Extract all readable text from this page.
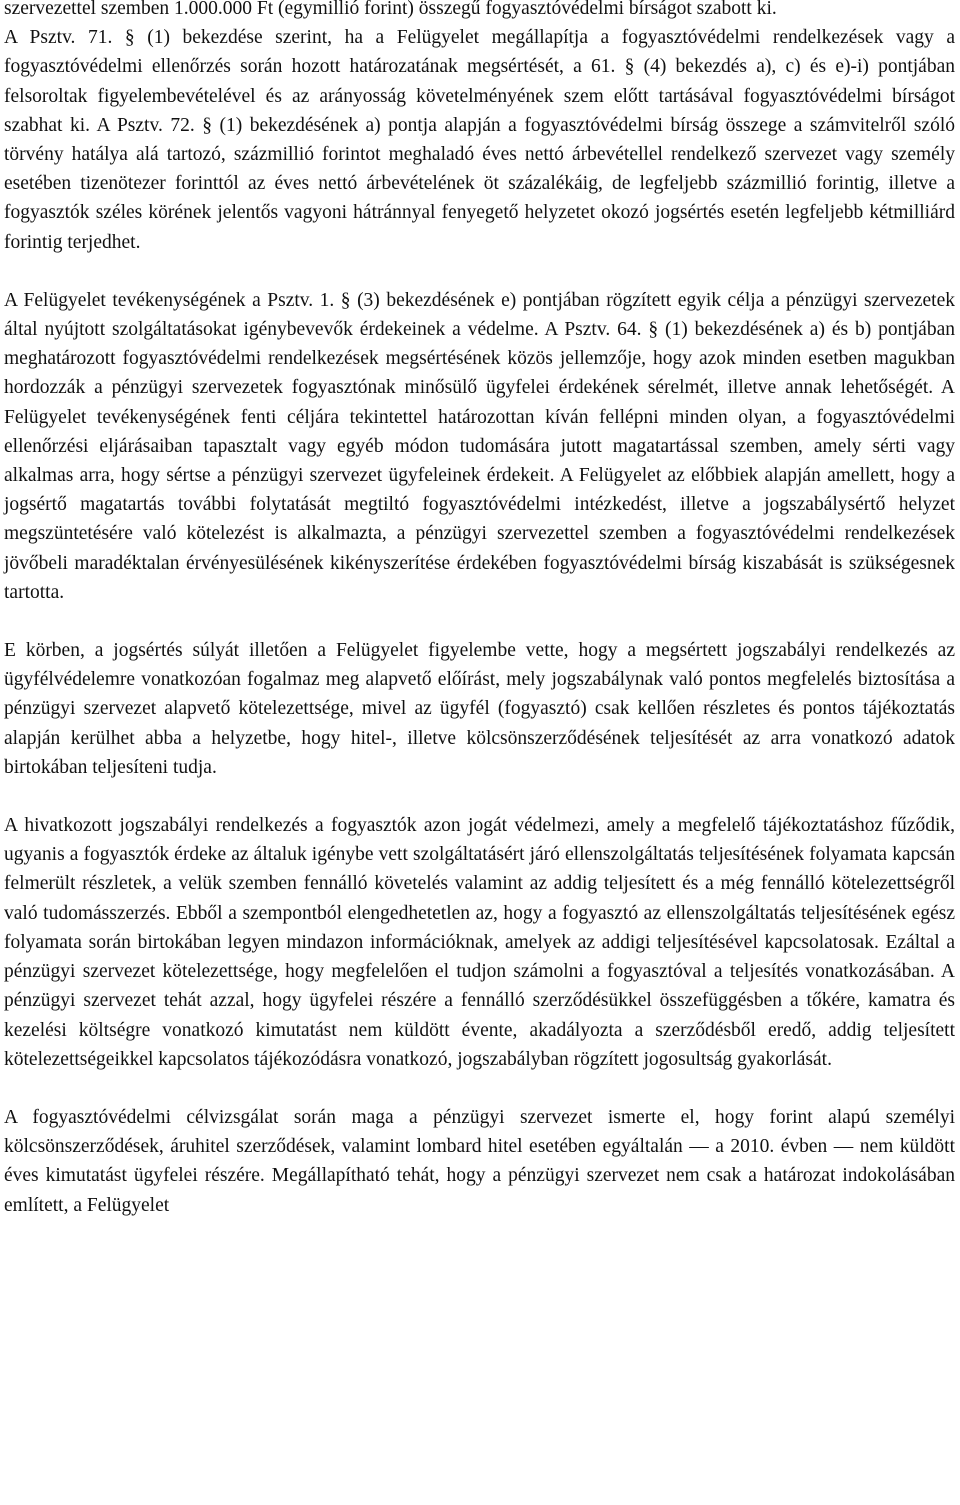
szervezettel szemben 1.000.000 Ft (egymillió forint) összegű fogyasztóvédelmi bírságot szabott ki.

A Psztv. 71. § (1) bekezdése szerint, ha a Felügyelet megállapítja a fogyasztóvédelmi rendelkezések vagy a fogyasztóvédelmi ellenőrzés során hozott határozatának megsértését, a 61. § (4) bekezdés a), c) és e)-i) pontjában felsoroltak figyelembevételével és az arányosság követelményének szem előtt tartásával fogyasztóvédelmi bírságot szabhat ki. A Psztv. 72. § (1) bekezdésének a) pontja alapján a fogyasztóvédelmi bírság összege a számvitelről szóló törvény hatálya alá tartozó, százmillió forintot meghaladó éves nettó árbevétellel rendelkező szervezet vagy személy esetében tizenötezer forinttól az éves nettó árbevételének öt százalékáig, de legfeljebb százmillió forintig, illetve a fogyasztók széles körének jelentős vagyoni hátránnyal fenyegető helyzetet okozó jogsértés esetén legfeljebb kétmilliárd forintig terjedhet.

A Felügyelet tevékenységének a Psztv. 1. § (3) bekezdésének e) pontjában rögzített egyik célja a pénzügyi szervezetek által nyújtott szolgáltatásokat igénybevevők érdekeinek a védelme. A Psztv. 64. § (1) bekezdésének a) és b) pontjában meghatározott fogyasztóvédelmi rendelkezések megsértésének közös jellemzője, hogy azok minden esetben magukban hordozzák a pénzügyi szervezetek fogyasztónak minősülő ügyfelei érdekének sérelmét, illetve annak lehetőségét. A Felügyelet tevékenységének fenti céljára tekintettel határozottan kíván fellépni minden olyan, a fogyasztóvédelmi ellenőrzési eljárásaiban tapasztalt vagy egyéb módon tudomására jutott magatartással szemben, amely sérti vagy alkalmas arra, hogy sértse a pénzügyi szervezet ügyfeleinek érdekeit. A Felügyelet az előbbiek alapján amellett, hogy a jogsértő magatartás további folytatását megtiltó fogyasztóvédelmi intézkedést, illetve a jogszabálysértő helyzet megszüntetésére való kötelezést is alkalmazta, a pénzügyi szervezettel szemben a fogyasztóvédelmi rendelkezések jövőbeli maradéktalan érvényesülésének kikényszerítése érdekében fogyasztóvédelmi bírság kiszabását is szükségesnek tartotta.

E körben, a jogsértés súlyát illetően a Felügyelet figyelembe vette, hogy a megsértett jogszabályi rendelkezés az ügyfélvédelemre vonatkozóan fogalmaz meg alapvető előírást, mely jogszabálynak való pontos megfelelés biztosítása a pénzügyi szervezet alapvető kötelezettsége, mivel az ügyfél (fogyasztó) csak kellően részletes és pontos tájékoztatás alapján kerülhet abba a helyzetbe, hogy hitel-, illetve kölcsönszerződésének teljesítését az arra vonatkozó adatok birtokában teljesíteni tudja.

A hivatkozott jogszabályi rendelkezés a fogyasztók azon jogát védelmezi, amely a megfelelő tájékoztatáshoz fűződik, ugyanis a fogyasztók érdeke az általuk igénybe vett szolgáltatásért járó ellenszolgáltatás teljesítésének folyamata kapcsán felmerült részletek, a velük szemben fennálló követelés valamint az addig teljesített és a még fennálló kötelezettségről való tudomásszerzés. Ebből a szempontból elengedhetetlen az, hogy a fogyasztó az ellenszolgáltatás teljesítésének egész folyamata során birtokában legyen mindazon információknak, amelyek az addigi teljesítésével kapcsolatosak. Ezáltal a pénzügyi szervezet kötelezettsége, hogy megfelelően el tudjon számolni a fogyasztóval a teljesítés vonatkozásában. A pénzügyi szervezet tehát azzal, hogy ügyfelei részére a fennálló szerződésükkel összefüggésben a tőkére, kamatra és kezelési költségre vonatkozó kimutatást nem küldött évente, akadályozta a szerződésből eredő, addig teljesített kötelezettségeikkel kapcsolatos tájékozódásra vonatkozó, jogszabályban rögzített jogosultság gyakorlását.

A fogyasztóvédelmi célvizsgálat során maga a pénzügyi szervezet ismerte el, hogy forint alapú személyi kölcsönszerződések, áruhitel szerződések, valamint lombard hitel esetében egyáltalán — a 2010. évben — nem küldött éves kimutatást ügyfelei részére. Megállapítható tehát, hogy a pénzügyi szervezet nem csak a határozat indokolásában említett, a Felügyelet
